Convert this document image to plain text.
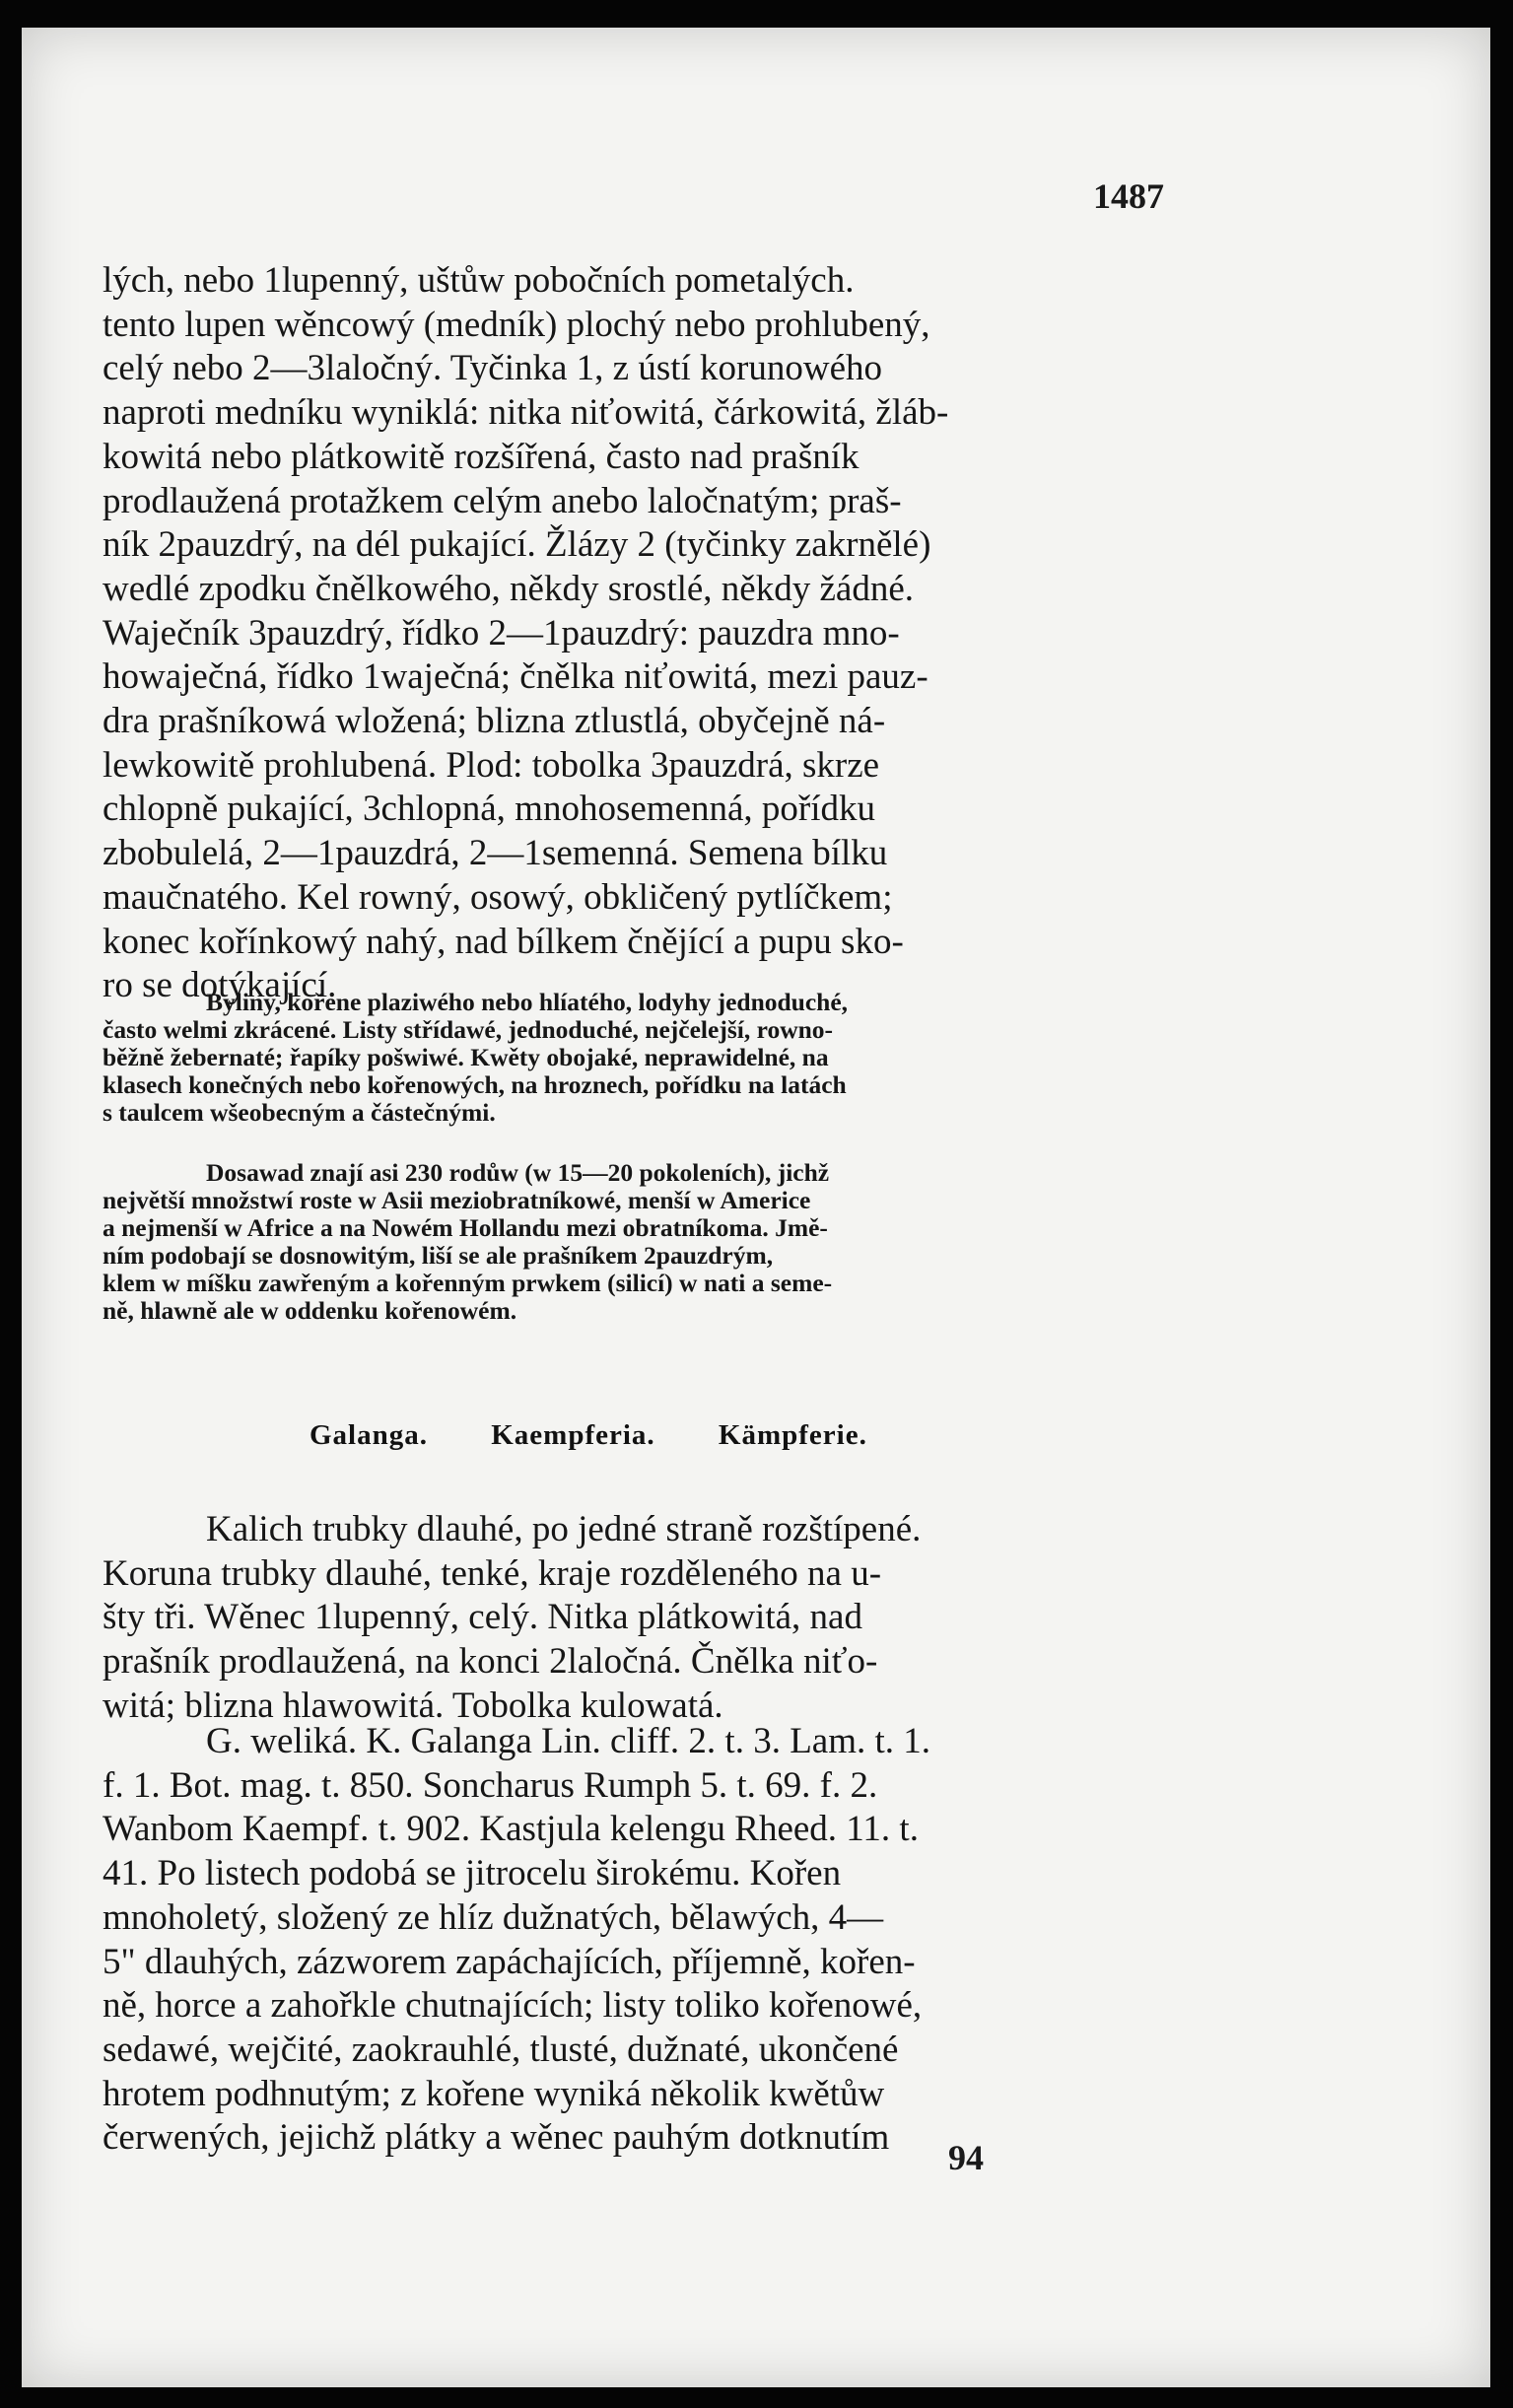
1487
lých, nebo 1lupenný, uštůw pobočních pometalých.
tento lupen wěncowý (medník) plochý nebo prohlubený,
celý nebo 2—3laločný. Tyčinka 1, z ústí korunowého
naproti medníku wyniklá: nitka niťowitá, čárkowitá, žláb-
kowitá nebo plátkowitě rozšířená, často nad prašník
prodlaužená protažkem celým anebo laločnatým; praš-
ník 2pauzdrý, na dél pukající. Žlázy 2 (tyčinky zakrnělé)
wedlé zpodku čnělkowého, někdy srostlé, někdy žádné.
Waječník 3pauzdrý, řídko 2—1pauzdrý: pauzdra mno-
howaječná, řídko 1waječná; čnělka niťowitá, mezi pauz-
dra prašníkowá wložená; blizna ztlustlá, obyčejně ná-
lewkowitě prohlubená. Plod: tobolka 3pauzdrá, skrze
chlopně pukající, 3chlopná, mnohosemenná, pořídku
zbobulelá, 2—1pauzdrá, 2—1semenná. Semena bílku
maučnatého. Kel rowný, osowý, obkličený pytlíčkem;
konec kořínkowý nahý, nad bílkem čnějící a pupu sko-
ro se dotýkající.
Byliny, kořene plaziwého nebo hlíatého, lodyhy jednoduché,
často welmi zkrácené. Listy střídawé, jednoduché, nejčelejší, rowno-
běžně žebernaté; řapíky pošwiwé. Kwěty obojaké, neprawidelné, na
klasech konečných nebo kořenowých, na hroznech, pořídku na latách
s taulcem wšeobecným a částečnými.
Dosawad znají asi 230 rodůw (w 15—20 pokoleních), jichž
největší množstwí roste w Asii meziobratníkowé, menší w Americe
a nejmenší w Africe a na Nowém Hollandu mezi obratníkoma. Jmě-
ním podobají se dosnowitým, liší se ale prašníkem 2pauzdrým,
klem w míšku zawřeným a kořenným prwkem (silicí) w nati a seme-
ně, hlawně ale w oddenku kořenowém.
Galanga. Kaempferia. Kämpferie.
Kalich trubky dlauhé, po jedné straně rozštípené.
Koruna trubky dlauhé, tenké, kraje rozděleného na u-
šty tři. Wěnec 1lupenný, celý. Nitka plátkowitá, nad
prašník prodlaužená, na konci 2laločná. Čnělka niťo-
witá; blizna hlawowitá. Tobolka kulowatá.
G. weliká. K. Galanga Lin. cliff. 2. t. 3. Lam. t. 1.
f. 1. Bot. mag. t. 850. Soncharus Rumph 5. t. 69. f. 2.
Wanbom Kaempf. t. 902. Kastjula kelengu Rheed. 11. t.
41. Po listech podobá se jitrocelu širokému. Kořen
mnoholetý, složený ze hlíz dužnatých, bělawých, 4—
5" dlauhých, zázworem zapáchajících, příjemně, kořen-
ně, horce a zahořkle chutnajících; listy toliko kořenowé,
sedawé, wejčité, zaokrauhlé, tlusté, dužnaté, ukončené
hrotem podhnutým; z kořene wyniká několik kwětůw
čerwených, jejichž plátky a wěnec pauhým dotknutím	94
